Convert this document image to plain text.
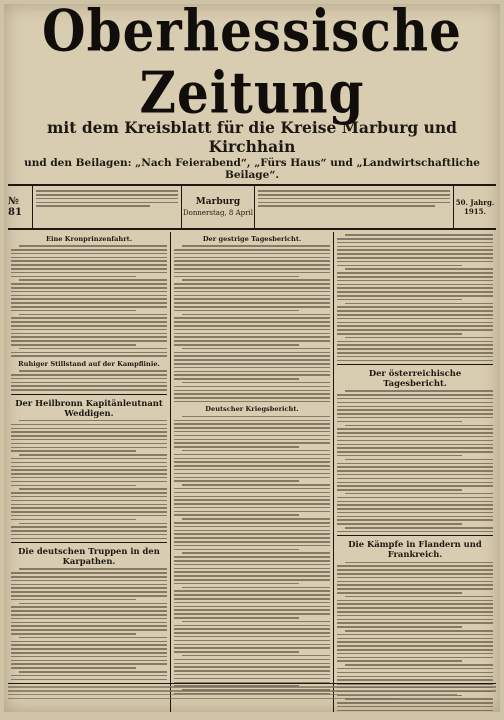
Oberhessische Zeitung
mit dem Kreisblatt für die Kreise Marburg und Kirchhain
und den Beilagen: „Nach Feierabend“, „Fürs Haus“ und „Landwirtschaftliche Beilage“.
№ 81
Marburg
Donnerstag, 8 April
50. Jahrg.
1915.
Eine Kronprinzenfahrt.
Ruhiger Stillstand auf der Kampflinie.
Der Heilbronn Kapitänleutnant Weddigen.
Die deutschen Truppen in den Karpathen.
Der gestrige Tagesbericht.
Deutscher Kriegsbericht.
Der österreichische Tagesbericht.
Die Kämpfe in Flandern und Frankreich.
